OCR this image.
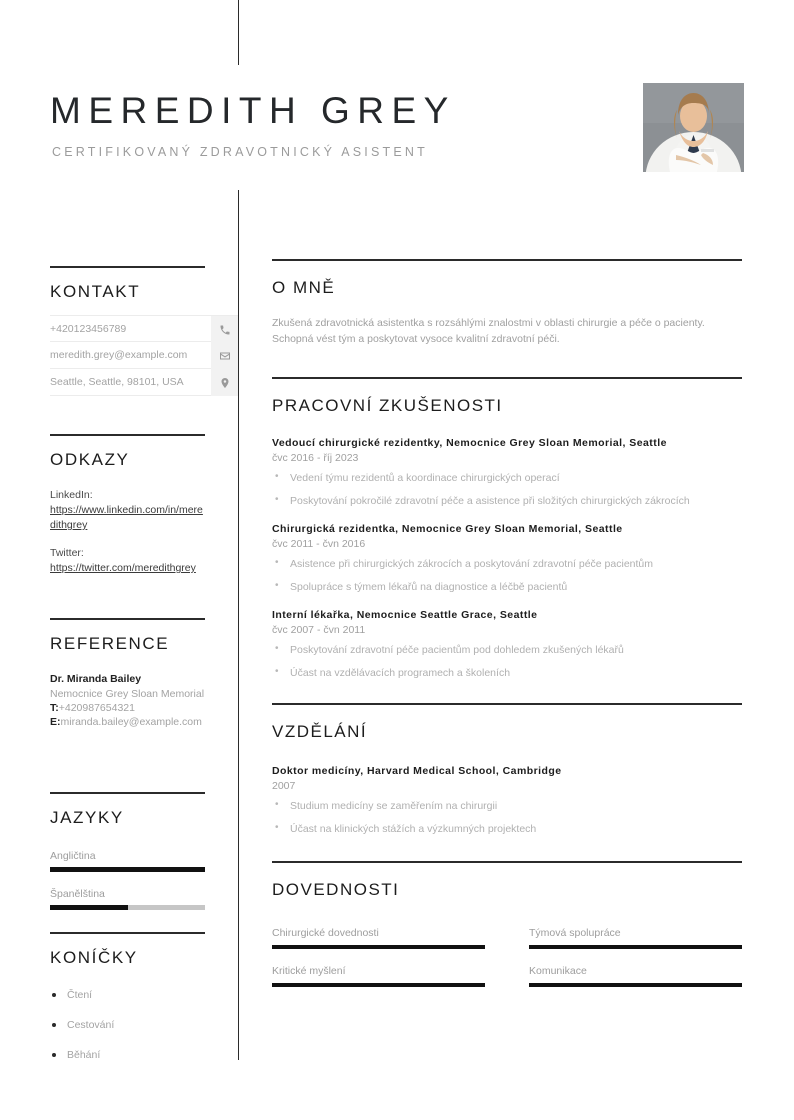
MEREDITH GREY
CERTIFIKOVANÝ ZDRAVOTNICKÝ ASISTENT
KONTAKT
+420123456789
meredith.grey@example.com
Seattle, Seattle, 98101, USA
ODKAZY
LinkedIn:
https://www.linkedin.com/in/meredithgrey
Twitter:
https://twitter.com/meredithgrey
REFERENCE
Dr. Miranda Bailey
Nemocnice Grey Sloan Memorial
T:+420987654321
E:miranda.bailey@example.com
JAZYKY
Angličtina
Španělština
KONÍČKY
Čtení
Cestování
Běhání
O MNĚ
Zkušená zdravotnická asistentka s rozsáhlými znalostmi v oblasti chirurgie a péče o pacienty. Schopná vést tým a poskytovat vysoce kvalitní zdravotní péči.
PRACOVNÍ ZKUŠENOSTI
Vedoucí chirurgické rezidentky, Nemocnice Grey Sloan Memorial, Seattle
čvc 2016 - říj 2023
• Vedení týmu rezidentů a koordinace chirurgických operací
• Poskytování pokročilé zdravotní péče a asistence při složitých chirurgických zákrocích
Chirurgická rezidentka, Nemocnice Grey Sloan Memorial, Seattle
čvc 2011 - čvn 2016
• Asistence při chirurgických zákrocích a poskytování zdravotní péče pacientům
• Spolupráce s týmem lékařů na diagnostice a léčbě pacientů
Interní lékařka, Nemocnice Seattle Grace, Seattle
čvc 2007 - čvn 2011
• Poskytování zdravotní péče pacientům pod dohledem zkušených lékařů
• Účast na vzdělávacích programech a školeních
VZDĚLÁNÍ
Doktor medicíny, Harvard Medical School, Cambridge
2007
• Studium medicíny se zaměřením na chirurgii
• Účast na klinických stážích a výzkumných projektech
DOVEDNOSTI
Chirurgické dovednosti	Týmová spolupráce
Kritické myšlení	Komunikace
